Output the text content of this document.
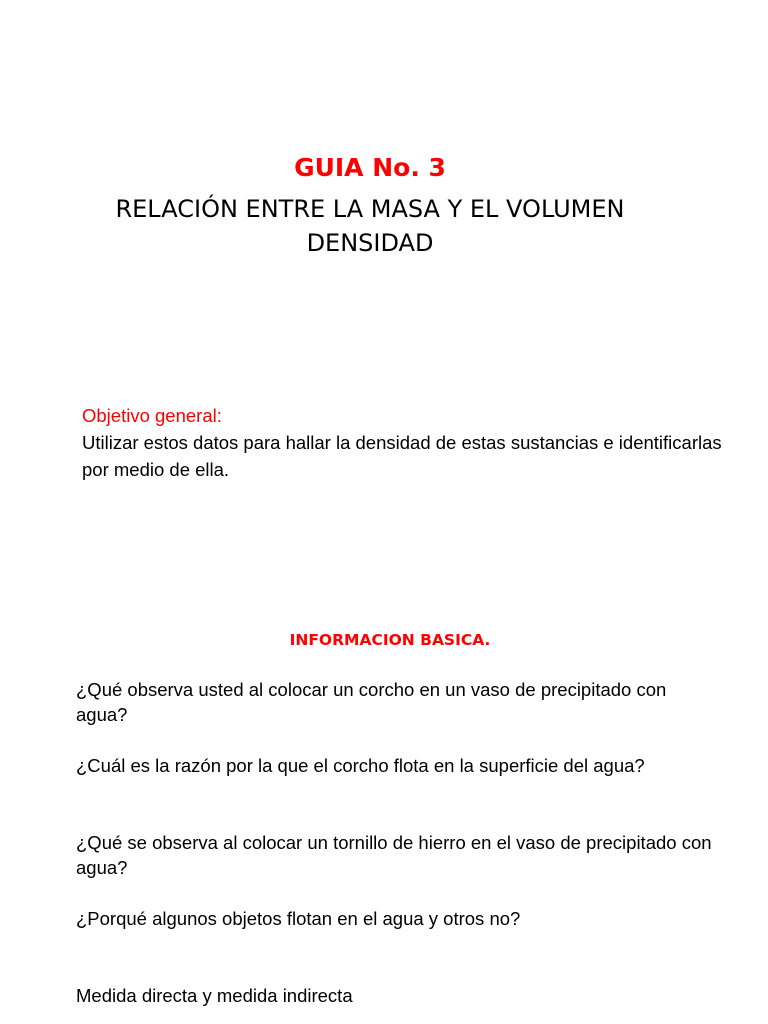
GUIA No. 3
RELACIÓN ENTRE LA MASA Y EL VOLUMEN
DENSIDAD
Objetivo general:
Utilizar estos datos para hallar la densidad de estas sustancias e identificarlas por medio de ella.
INFORMACION BASICA.
¿Qué observa usted al colocar un corcho en un vaso de precipitado con agua?
¿Cuál es la razón por la que el corcho flota en la superficie del agua?
¿Qué se observa al colocar un tornillo de hierro en el vaso de precipitado con agua?
¿Porqué algunos objetos flotan en el agua y otros no?
Medida directa y medida indirecta
